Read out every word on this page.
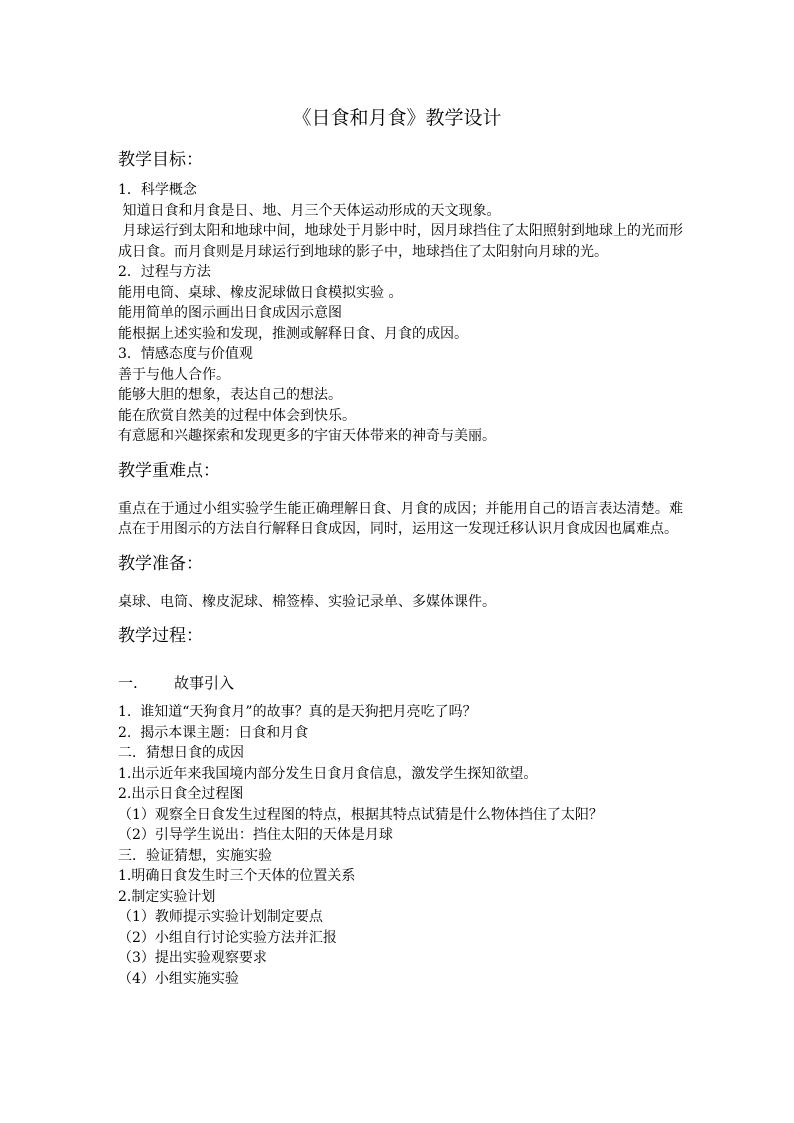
《日食和月食》教学设计
教学目标：
1．科学概念
知道日食和月食是日、地、月三个天体运动形成的天文现象。
月球运行到太阳和地球中间，地球处于月影中时，因月球挡住了太阳照射到地球上的光而形成日食。而月食则是月球运行到地球的影子中，地球挡住了太阳射向月球的光。
2．过程与方法
能用电筒、桌球、橡皮泥球做日食模拟实验 。
能用简单的图示画出日食成因示意图
能根据上述实验和发现，推测或解释日食、月食的成因。
3．情感态度与价值观
善于与他人合作。
能够大胆的想象，表达自己的想法。
能在欣赏自然美的过程中体会到快乐。
有意愿和兴趣探索和发现更多的宇宙天体带来的神奇与美丽。
教学重难点：
重点在于通过小组实验学生能正确理解日食、月食的成因；并能用自己的语言表达清楚。难点在于用图示的方法自行解释日食成因，同时，运用这一发现迁移认识月食成因也属难点。
教学准备：
桌球、电筒、橡皮泥球、棉签棒、实验记录单、多媒体课件。
教学过程：
一. 故事引入
1.  谁知道“天狗食月”的故事？真的是天狗把月亮吃了吗？
2.  揭示本课主题：日食和月食
二．猜想日食的成因
1.出示近年来我国境内部分发生日食月食信息，激发学生探知欲望。
2.出示日食全过程图
（1）观察全日食发生过程图的特点，根据其特点试猜是什么物体挡住了太阳？
（2）引导学生说出：挡住太阳的天体是月球
三．验证猜想，实施实验
1.明确日食发生时三个天体的位置关系
2.制定实验计划
（1）教师提示实验计划制定要点
（2）小组自行讨论实验方法并汇报
（3）提出实验观察要求
（4）小组实施实验
